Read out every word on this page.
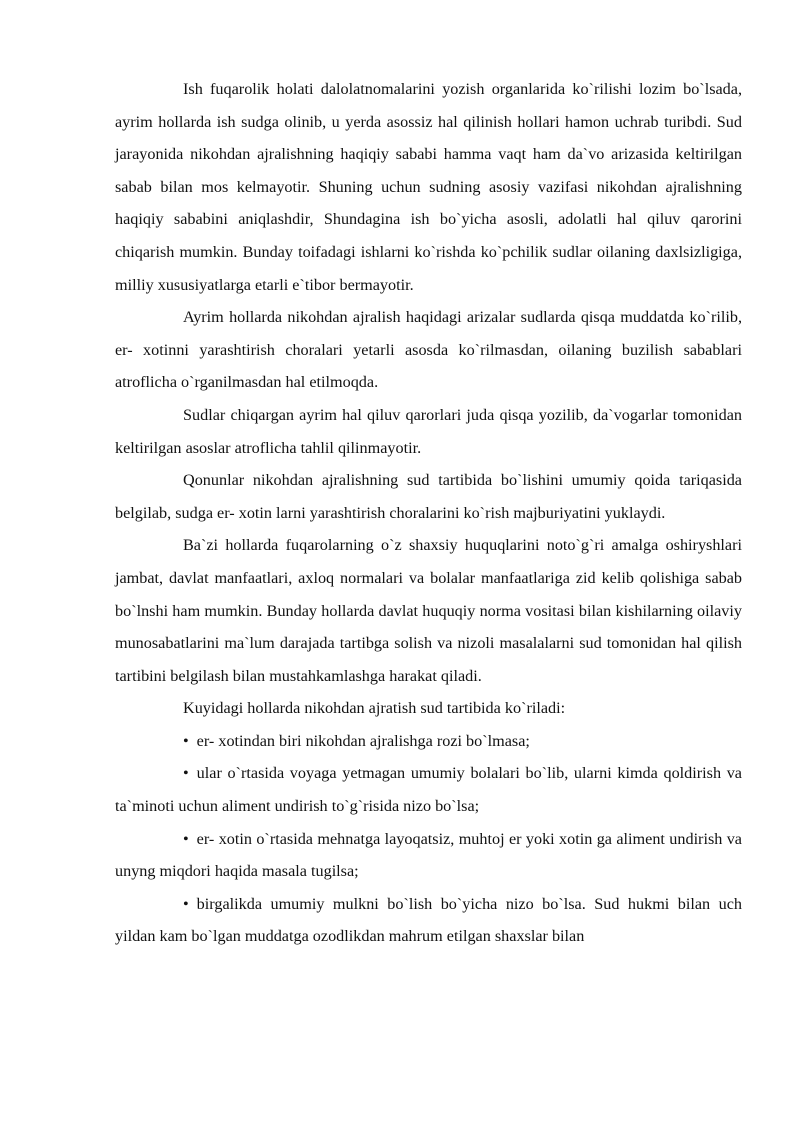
Ish fuqarolik holati dalolatnomalarini yozish organlarida ko`rilishi lozim bo`lsada, ayrim hollarda ish sudga olinib, u yerda asossiz hal qilinish hollari hamon uchrab turibdi. Sud jarayonida nikohdan ajralishning haqiqiy sababi hamma vaqt ham da`vo arizasida keltirilgan sabab bilan mos kelmayotir. Shuning uchun sudning asosiy vazifasi nikohdan ajralishning haqiqiy sababini aniqlashdir, Shundagina ish bo`yicha asosli, adolatli hal qiluv qarorini chiqarish mumkin. Bunday toifadagi ishlarni ko`rishda ko`pchilik sudlar oilaning daxlsizligiga, milliy xususiyatlarga etarli e`tibor bermayotir.

Ayrim hollarda nikohdan ajralish haqidagi arizalar sudlarda qisqa muddatda ko`rilib, er- xotinni yarashtirish choralari yetarli asosda ko`rilmasdan, oilaning buzilish sabablari atroflicha o`rganilmasdan hal etilmoqda.

Sudlar chiqargan ayrim hal qiluv qarorlari juda qisqa yozilib, da`vogarlar tomonidan keltirilgan asoslar atroflicha tahlil qilinmayotir.

Qonunlar nikohdan ajralishning sud tartibida bo`lishini umumiy qoida tariqasida belgilab, sudga er- xotin larni yarashtirish choralarini ko`rish majburiyatini yuklaydi.

Ba`zi hollarda fuqarolarning o`z shaxsiy huquqlarini noto`g`ri amalga oshiryshlari jambat, davlat manfaatlari, axloq normalari va bolalar manfaatlariga zid kelib qolishiga sabab bo`lnshi ham mumkin. Bunday hollarda davlat huquqiy norma vositasi bilan kishilarning oilaviy munosabatlarini ma`lum darajada tartibga solish va nizoli masalalarni sud tomonidan hal qilish tartibini belgilash bilan mustahkamlashga harakat qiladi.

Kuyidagi hollarda nikohdan ajratish sud tartibida ko`riladi:

• er- xotindan biri nikohdan ajralishga rozi bo`lmasa;

• ular o`rtasida voyaga yetmagan umumiy bolalari bo`lib, ularni kimda qoldirish va ta`minoti uchun aliment undirish to`g`risida nizo bo`lsa;

• er- xotin o`rtasida mehnatga layoqatsiz, muhtoj er yoki xotin ga aliment undirish va unyng miqdori haqida masala tugilsa;

• birgalikda umumiy mulkni bo`lish bo`yicha nizo bo`lsa. Sud hukmi bilan uch yildan kam bo`lgan muddatga ozodlikdan mahrum etilgan shaxslar bilan
